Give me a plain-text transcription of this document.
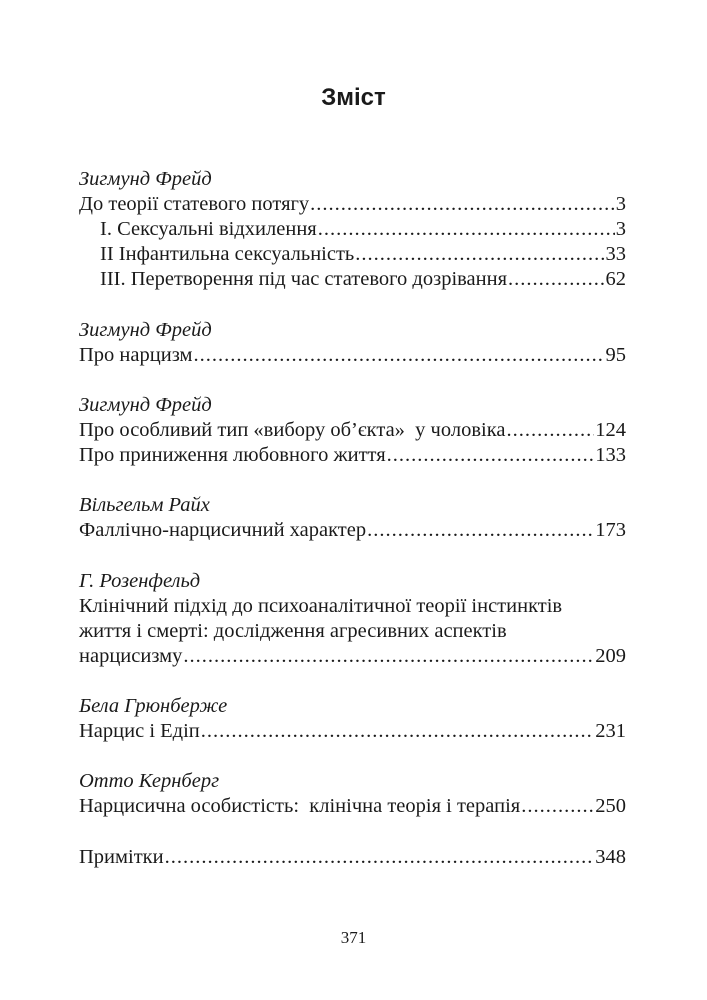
Зміст
Зигмунд Фрейд
До теорії статевого потягу .....	3
I. Сексуальні відхилення .....	3
II Інфантильна сексуальність .....	33
III. Перетворення під час статевого дозрівання .....	62
Зигмунд Фрейд
Про нарцизм .....	95
Зигмунд Фрейд
Про особливий тип «вибору об’єкта»  у чоловіка .....	124
Про приниження любовного життя .....	133
Вільгельм Райх
Фаллічно-нарцисичний характер .....	173
Г. Розенфельд
Клінічний підхід до психоаналітичної теорії інстинктів
життя і смерті: дослідження агресивних аспектів
нарцисизму .....	209
Бела Грюнберже
Нарцис і Едіп .....	231
Отто Кернберг
Нарцисична особистість:  клінічна теорія і терапія .....	250
Примітки .....	348
371
